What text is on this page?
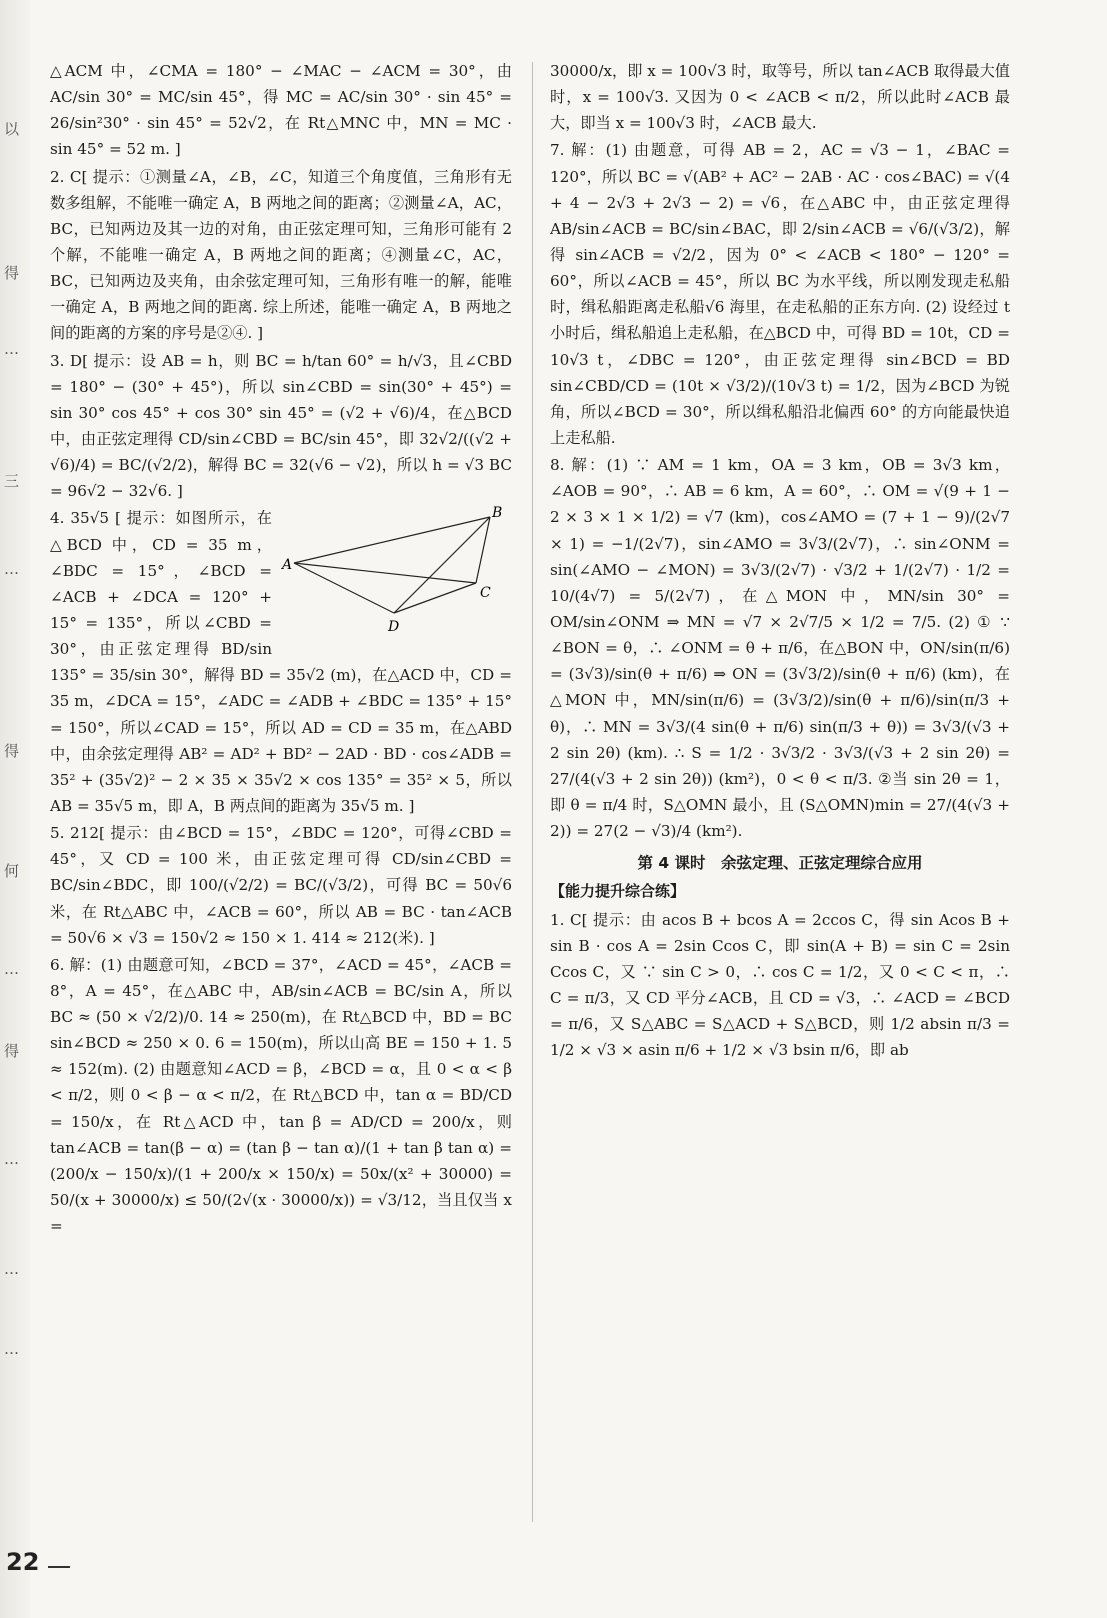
以
得
…
三
…
得
何
…
得
…
…
…

△ACM 中，∠CMA = 180° − ∠MAC − ∠ACM = 30°，由 AC/sin 30° = MC/sin 45°，得 MC = AC/sin 30° · sin 45° = 26/sin²30° · sin 45° = 52√2，在 Rt△MNC 中，MN = MC · sin 45° = 52 m. ]

2. C[ 提示：①测量∠A，∠B，∠C，知道三个角度值，三角形有无数多组解，不能唯一确定 A，B 两地之间的距离；②测量∠A，AC，BC，已知两边及其一边的对角，由正弦定理可知，三角形可能有 2 个解，不能唯一确定 A，B 两地之间的距离；④测量∠C，AC，BC，已知两边及夹角，由余弦定理可知，三角形有唯一的解，能唯一确定 A，B 两地之间的距离. 综上所述，能唯一确定 A，B 两地之间的距离的方案的序号是②④. ]

3. D[ 提示：设 AB = h，则 BC = h/tan 60° = h/√3，且∠CBD = 180° − (30° + 45°)，所以 sin∠CBD = sin(30° + 45°) = sin 30° cos 45° + cos 30° sin 45° = (√2 + √6)/4，在△BCD 中，由正弦定理得 CD/sin∠CBD = BC/sin 45°，即 32√2/((√2 + √6)/4) = BC/(√2/2)，解得 BC = 32(√6 − √2)，所以 h = √3 BC = 96√2 − 32√6. ]

A
B
C
D

4. 35√5 [ 提示：如图所示，在△BCD 中，CD = 35 m，∠BDC = 15°，∠BCD = ∠ACB + ∠DCA = 120° + 15° = 135°，所以∠CBD = 30°，由正弦定理得 BD/sin 135° = 35/sin 30°，解得 BD = 35√2 (m)，在△ACD 中，CD = 35 m，∠DCA = 15°，∠ADC = ∠ADB + ∠BDC = 135° + 15° = 150°，所以∠CAD = 15°，所以 AD = CD = 35 m，在△ABD 中，由余弦定理得 AB² = AD² + BD² − 2AD · BD · cos∠ADB = 35² + (35√2)² − 2 × 35 × 35√2 × cos 135° = 35² × 5，所以 AB = 35√5 m，即 A，B 两点间的距离为 35√5 m. ]

5. 212[ 提示：由∠BCD = 15°，∠BDC = 120°，可得∠CBD = 45°，又 CD = 100 米，由正弦定理可得 CD/sin∠CBD = BC/sin∠BDC，即 100/(√2/2) = BC/(√3/2)，可得 BC = 50√6 米，在 Rt△ABC 中，∠ACB = 60°，所以 AB = BC · tan∠ACB = 50√6 × √3 = 150√2 ≈ 150 × 1. 414 ≈ 212(米). ]

6. 解：(1) 由题意可知，∠BCD = 37°，∠ACD = 45°，∠ACB = 8°，A = 45°，在△ABC 中，AB/sin∠ACB = BC/sin A，所以 BC ≈ (50 × √2/2)/0. 14 ≈ 250(m)，在 Rt△BCD 中，BD = BC sin∠BCD ≈ 250 × 0. 6 = 150(m)，所以山高 BE = 150 + 1. 5 ≈ 152(m). (2) 由题意知∠ACD = β，∠BCD = α，且 0 < α < β < π/2，则 0 < β − α < π/2，在 Rt△BCD 中，tan α = BD/CD = 150/x，在 Rt△ACD 中，tan β = AD/CD = 200/x，则 tan∠ACB = tan(β − α) = (tan β − tan α)/(1 + tan β tan α) = (200/x − 150/x)/(1 + 200/x × 150/x) = 50x/(x² + 30000) = 50/(x + 30000/x) ≤ 50/(2√(x · 30000/x)) = √3/12，当且仅当 x =

30000/x，即 x = 100√3 时，取等号，所以 tan∠ACB 取得最大值时，x = 100√3. 又因为 0 < ∠ACB < π/2，所以此时∠ACB 最大，即当 x = 100√3 时，∠ACB 最大.

7. 解：(1) 由题意，可得 AB = 2，AC = √3 − 1，∠BAC = 120°，所以 BC = √(AB² + AC² − 2AB · AC · cos∠BAC) = √(4 + 4 − 2√3 + 2√3 − 2) = √6，在△ABC 中，由正弦定理得 AB/sin∠ACB = BC/sin∠BAC，即 2/sin∠ACB = √6/(√3/2)，解得 sin∠ACB = √2/2，因为 0° < ∠ACB < 180° − 120° = 60°，所以∠ACB = 45°，所以 BC 为水平线，所以刚发现走私船时，缉私船距离走私船√6 海里，在走私船的正东方向. (2) 设经过 t 小时后，缉私船追上走私船，在△BCD 中，可得 BD = 10t，CD = 10√3 t，∠DBC = 120°，由正弦定理得 sin∠BCD = BD sin∠CBD/CD = (10t × √3/2)/(10√3 t) = 1/2，因为∠BCD 为锐角，所以∠BCD = 30°，所以缉私船沿北偏西 60° 的方向能最快追上走私船.

8. 解：(1) ∵ AM = 1 km，OA = 3 km，OB = 3√3 km，∠AOB = 90°，∴ AB = 6 km，A = 60°，∴ OM = √(9 + 1 − 2 × 3 × 1 × 1/2) = √7 (km)，cos∠AMO = (7 + 1 − 9)/(2√7 × 1) = −1/(2√7)，sin∠AMO = 3√3/(2√7)，∴ sin∠ONM = sin(∠AMO − ∠MON) = 3√3/(2√7) · √3/2 + 1/(2√7) · 1/2 = 10/(4√7) = 5/(2√7)，在△MON 中，MN/sin 30° = OM/sin∠ONM ⇒ MN = √7 × 2√7/5 × 1/2 = 7/5. (2) ① ∵ ∠BON = θ，∴ ∠ONM = θ + π/6，在△BON 中，ON/sin(π/6) = (3√3)/sin(θ + π/6) ⇒ ON = (3√3/2)/sin(θ + π/6) (km)，在△MON 中，MN/sin(π/6) = (3√3/2)/sin(θ + π/6)/sin(π/3 + θ)，∴ MN = 3√3/(4 sin(θ + π/6) sin(π/3 + θ)) = 3√3/(√3 + 2 sin 2θ) (km). ∴ S = 1/2 · 3√3/2 · 3√3/(√3 + 2 sin 2θ) = 27/(4(√3 + 2 sin 2θ)) (km²)，0 < θ < π/3. ②当 sin 2θ = 1，即 θ = π/4 时，S△OMN 最小，且 (S△OMN)min = 27/(4(√3 + 2)) = 27(2 − √3)/4 (km²).

第 4 课时　余弦定理、正弦定理综合应用
【能力提升综合练】

1. C[ 提示：由 acos B + bcos A = 2ccos C，得 sin Acos B + sin B · cos A = 2sin Ccos C，即 sin(A + B) = sin C = 2sin Ccos C，又 ∵ sin C > 0，∴ cos C = 1/2，又 0 < C < π，∴ C = π/3，又 CD 平分∠ACB，且 CD = √3，∴ ∠ACD = ∠BCD = π/6，又 S△ABC = S△ACD + S△BCD，则 1/2 absin π/3 = 1/2 × √3 × asin π/6 + 1/2 × √3 bsin π/6，即 ab

22
